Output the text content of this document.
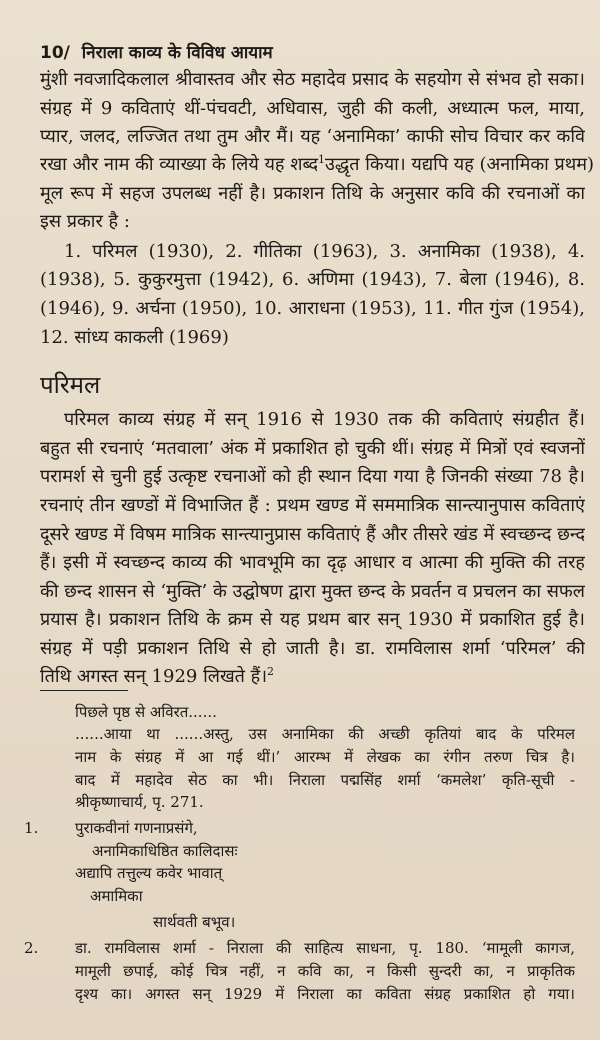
10/ निराला काव्य के विविध आयाम
मुंशी नवजादिकलाल श्रीवास्तव और सेठ महादेव प्रसाद के सहयोग से संभव हो सका।
संग्रह में 9 कविताएं थीं-पंचवटी, अधिवास, जुही की कली, अध्यात्म फल, माया,
प्यार, जलद, लज्जित तथा तुम और मैं। यह ‘अनामिका’ काफी सोच विचार कर कवि
रखा और नाम की व्याख्या के लिये यह शब्द$^1$ उद्धृत किया। यद्यपि यह (अनामिका प्रथम)
मूल रूप में सहज उपलब्ध नहीं है। प्रकाशन तिथि के अनुसार कवि की रचनाओं का
इस प्रकार है :
1. परिमल (1930), 2. गीतिका (1963), 3. अनामिका (1938), 4.
(1938), 5. कुकुरमुत्ता (1942), 6. अणिमा (1943), 7. बेला (1946), 8.
(1946), 9. अर्चना (1950), 10. आराधना (1953), 11. गीत गुंज (1954),
12. सांध्य काकली (1969)
परिमल
परिमल काव्य संग्रह में सन् 1916 से 1930 तक की कविताएं संग्रहीत हैं।
बहुत सी रचनाएं ‘मतवाला’ अंक में प्रकाशित हो चुकी थीं। संग्रह में मित्रों एवं स्वजनों
परामर्श से चुनी हुई उत्कृष्ट रचनाओं को ही स्थान दिया गया है जिनकी संख्या 78 है।
रचनाएं तीन खण्डों में विभाजित हैं : प्रथम खण्ड में सममात्रिक सान्त्यानुपास कविताएं
दूसरे खण्ड में विषम मात्रिक सान्त्यानुप्रास कविताएं हैं और तीसरे खंड में स्वच्छन्द छन्द
हैं। इसी में स्वच्छन्द काव्य की भावभूमि का दृढ़ आधार व आत्मा की मुक्ति की तरह
की छन्द शासन से ‘मुक्ति’ के उद्घोषण द्वारा मुक्त छन्द के प्रवर्तन व प्रचलन का सफल
प्रयास है। प्रकाशन तिथि के क्रम से यह प्रथम बार सन् 1930 में प्रकाशित हुई है।
संग्रह में पड़ी प्रकाशन तिथि से हो जाती है। डा. रामविलास शर्मा ‘परिमल’ की
तिथि अगस्त सन् 1929 लिखते हैं।$^2$
पिछले पृष्ठ से अविरत......
......आया था ......अस्तु, उस अनामिका की अच्छी कृतियां बाद के परिमल
नाम के संग्रह में आ गई थीं।’ आरम्भ में लेखक का रंगीन तरुण चित्र है।
बाद में महादेव सेठ का भी। निराला पद्मसिंह शर्मा ‘कमलेश’ कृति-सूची -
श्रीकृष्णाचार्य, पृ. 271.
1. पुराकवीनां गणनाप्रसंगे,
अनामिकाधिष्ठित कालिदासः
अद्यापि तत्तुल्य कवेर भावात्
अमामिका
सार्थवती बभूव।
2. डा. रामविलास शर्मा - निराला की साहित्य साधना, पृ. 180. ‘मामूली कागज,
मामूली छपाई, कोई चित्र नहीं, न कवि का, न किसी सुन्दरी का, न प्राकृतिक
दृश्य का। अगस्त सन् 1929 में निराला का कविता संग्रह प्रकाशित हो गया।
